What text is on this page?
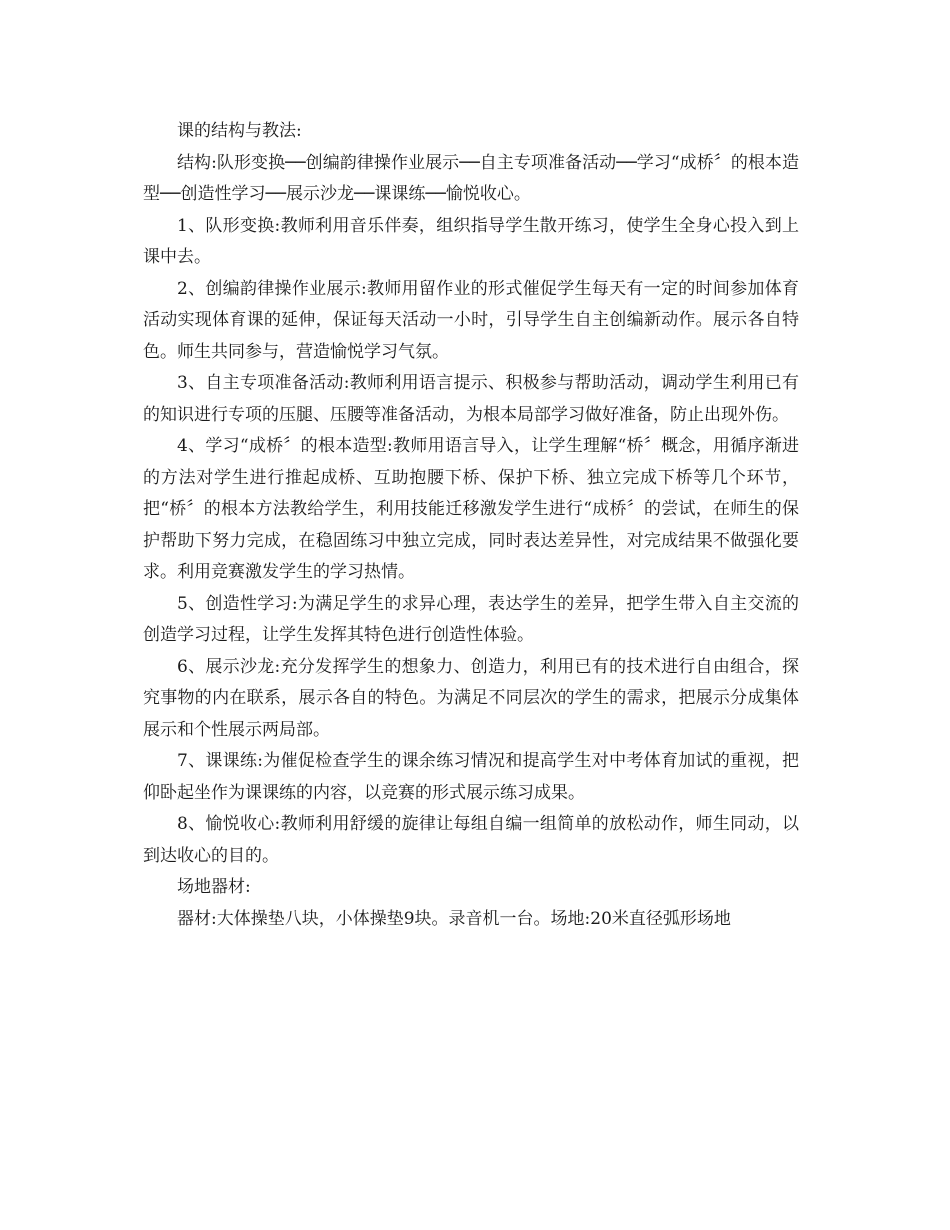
课的结构与教法:

结构:队形变换──创编韵律操作业展示──自主专项准备活动──学习“成桥〞的根本造型──创造性学习──展示沙龙──课课练──愉悦收心。

1、队形变换:教师利用音乐伴奏，组织指导学生散开练习，使学生全身心投入到上课中去。

2、创编韵律操作业展示:教师用留作业的形式催促学生每天有一定的时间参加体育活动实现体育课的延伸，保证每天活动一小时，引导学生自主创编新动作。展示各自特色。师生共同参与，营造愉悦学习气氛。

3、自主专项准备活动:教师利用语言提示、积极参与帮助活动，调动学生利用已有的知识进行专项的压腿、压腰等准备活动，为根本局部学习做好准备，防止出现外伤。

4、学习“成桥〞的根本造型:教师用语言导入，让学生理解“桥〞概念，用循序渐进的方法对学生进行推起成桥、互助抱腰下桥、保护下桥、独立完成下桥等几个环节，把“桥〞的根本方法教给学生，利用技能迁移激发学生进行“成桥〞的尝试，在师生的保护帮助下努力完成，在稳固练习中独立完成，同时表达差异性，对完成结果不做强化要求。利用竞赛激发学生的学习热情。

5、创造性学习:为满足学生的求异心理，表达学生的差异，把学生带入自主交流的创造学习过程，让学生发挥其特色进行创造性体验。

6、展示沙龙:充分发挥学生的想象力、创造力，利用已有的技术进行自由组合，探究事物的内在联系，展示各自的特色。为满足不同层次的学生的需求，把展示分成集体展示和个性展示两局部。

7、课课练:为催促检查学生的课余练习情况和提高学生对中考体育加试的重视，把仰卧起坐作为课课练的内容，以竞赛的形式展示练习成果。

8、愉悦收心:教师利用舒缓的旋律让每组自编一组简单的放松动作，师生同动，以到达收心的目的。

场地器材:

器材:大体操垫八块，小体操垫9块。录音机一台。场地:20米直径弧形场地
